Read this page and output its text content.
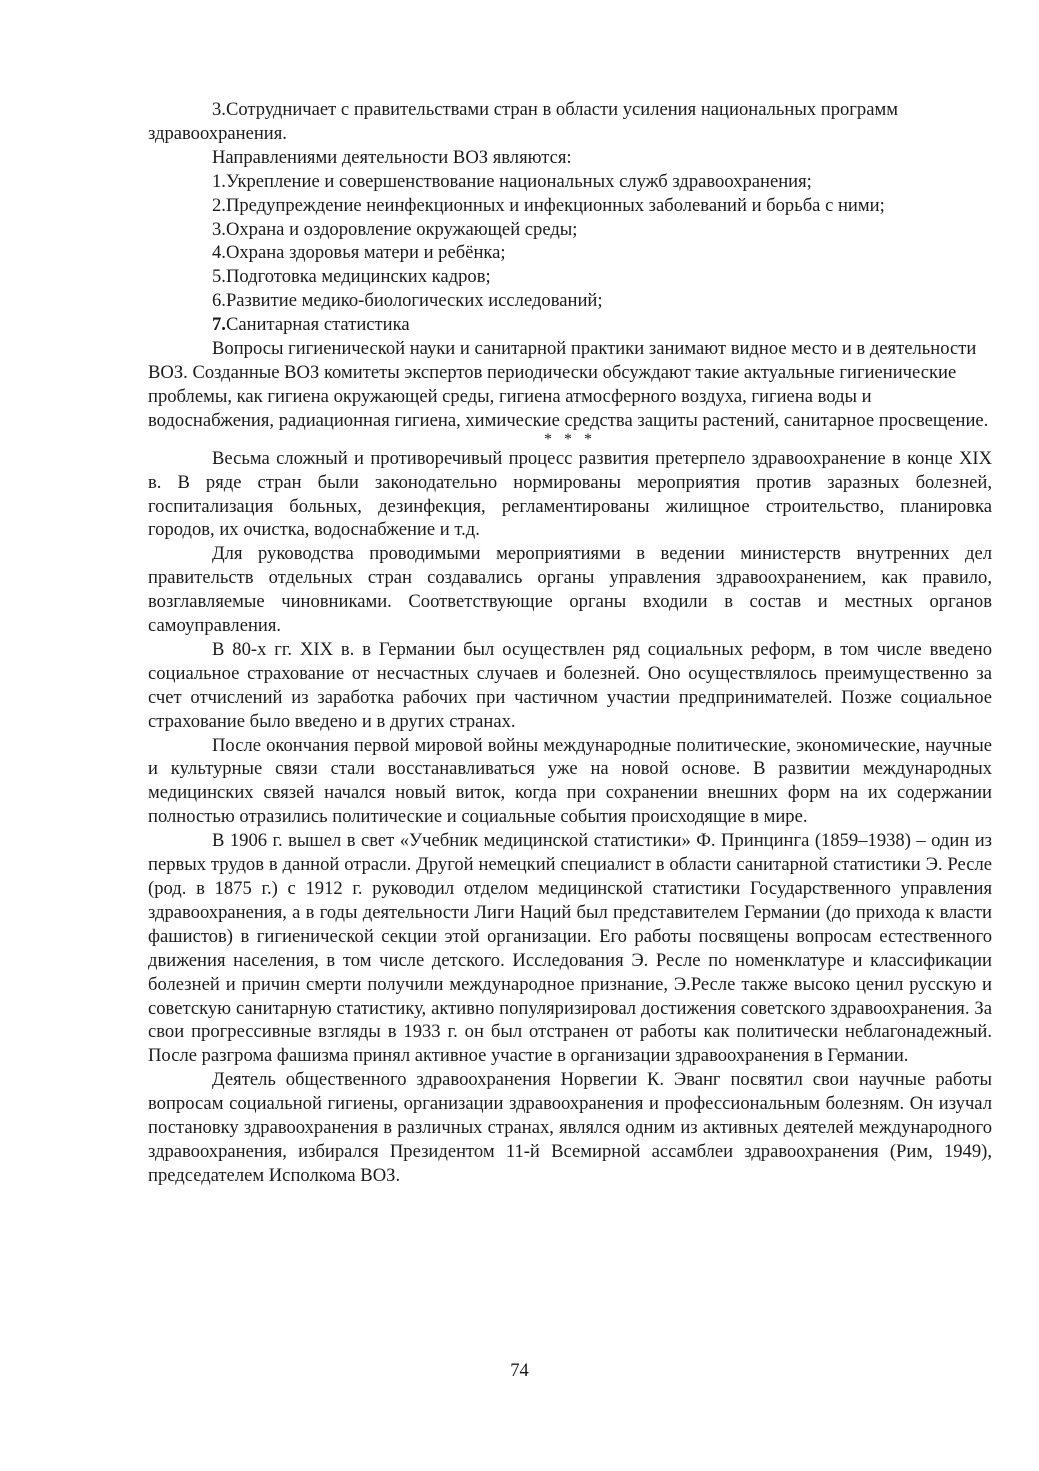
3.Сотрудничает с правительствами стран в области усиления национальных программ
здравоохранения.

Направлениями деятельности ВОЗ являются:

1.Укрепление и совершенствование национальных служб здравоохранения;

2.Предупреждение неинфекционных и инфекционных заболеваний и борьба с ними;

3.Охрана и оздоровление окружающей среды;

4.Охрана здоровья матери и ребёнка;

5.Подготовка медицинских кадров;

6.Развитие медико-биологических исследований;

7.Санитарная статистика

Вопросы гигиенической науки и санитарной практики занимают видное место и в деятельности ВОЗ. Созданные ВОЗ комитеты экспертов периодически обсуждают такие актуальные гигиенические проблемы, как гигиена окружающей среды, гигиена атмосферного воздуха, гигиена воды и водоснабжения, радиационная гигиена, химические средства защиты растений, санитарное просвещение.

* * *

Весьма сложный и противоречивый процесс развития претерпело здравоохранение в конце XIX в. В ряде стран были законодательно нормированы мероприятия против заразных болезней, госпитализация больных, дезинфекция, регламентированы жилищное строительство, планировка городов, их очистка, водоснабжение и т.д.

Для руководства проводимыми мероприятиями в ведении министерств внутренних дел правительств отдельных стран создавались органы управления здравоохранением, как правило, возглавляемые чиновниками. Соответствующие органы входили в состав и местных органов самоуправления.

В 80-х гг. XIX в. в Германии был осуществлен ряд социальных реформ, в том числе введено социальное страхование от несчастных случаев и болезней. Оно осуществлялось преимущественно за счет отчислений из заработка рабочих при частичном участии предпринимателей. Позже социальное страхование было введено и в других странах.

После окончания первой мировой войны международные политические, экономические, научные и культурные связи стали восстанавливаться уже на новой основе. В развитии международных медицинских связей начался новый виток, когда при сохранении внешних форм на их содержании полностью отразились политические и социальные события происходящие в мире.

В 1906 г. вышел в свет «Учебник медицинской статистики» Ф. Принцинга (1859–1938) – один из первых трудов в данной отрасли. Другой немецкий специалист в области санитарной статистики Э. Ресле (род. в 1875 г.) с 1912 г. руководил отделом медицинской статистики Государственного управления здравоохранения, а в годы деятельности Лиги Наций был представителем Германии (до прихода к власти фашистов) в гигиенической секции этой организации. Его работы посвящены вопросам естественного движения населения, в том числе детского. Исследования Э. Ресле по номенклатуре и классификации болезней и причин смерти получили международное признание, Э.Ресле также высоко ценил русскую и советскую санитарную статистику, активно популяризировал достижения советского здравоохранения. За свои прогрессивные взгляды в 1933 г. он был отстранен от работы как политически неблагонадежный. После разгрома фашизма принял активное участие в организации здравоохранения в Германии.

Деятель общественного здравоохранения Норвегии К. Эванг посвятил свои научные работы вопросам социальной гигиены, организации здравоохранения и профессиональным болезням. Он изучал постановку здравоохранения в различных странах, являлся одним из активных деятелей международного здравоохранения, избирался Президентом 11-й Всемирной ассамблеи здравоохранения (Рим, 1949), председателем Исполкома ВОЗ.

74
